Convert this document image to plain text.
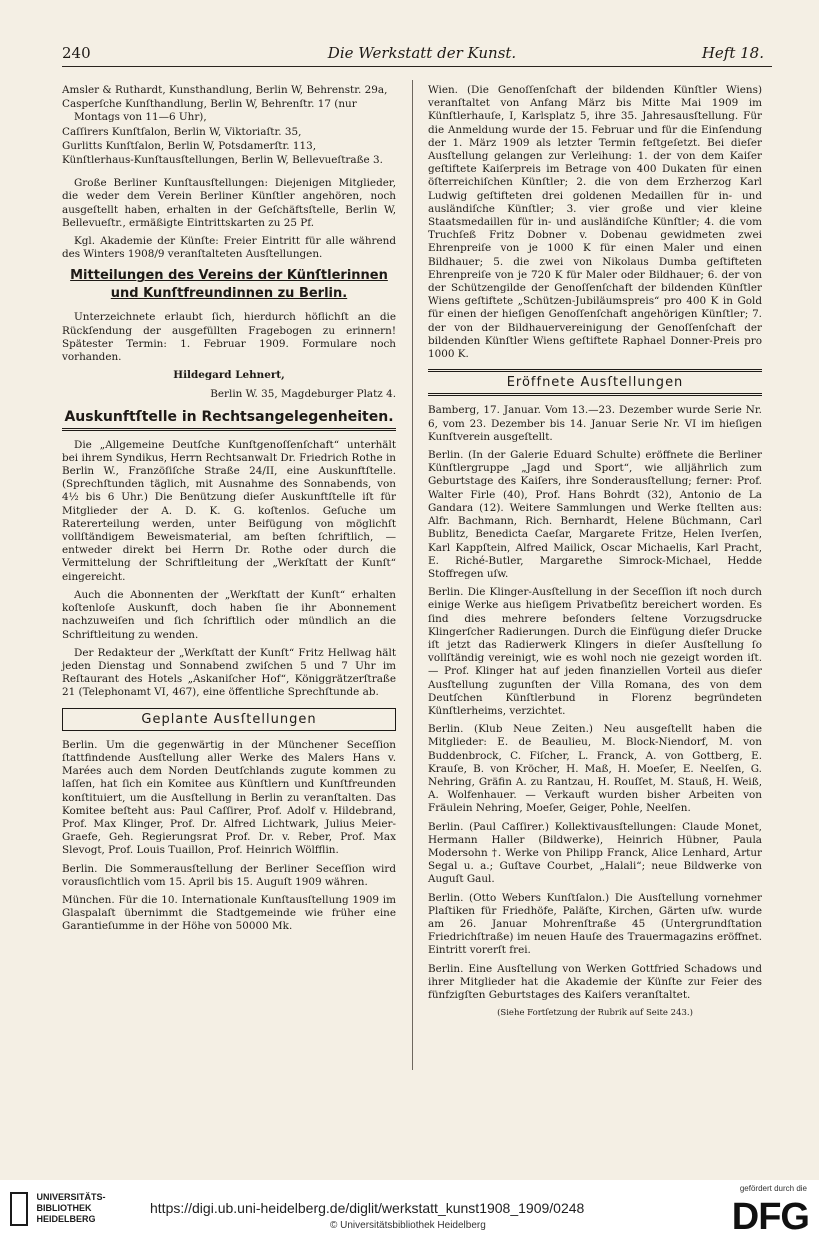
240	Die Werkstatt der Kunst.	Heft 18.
Amsler & Ruthardt, Kunsthandlung, Berlin W, Behrenstr. 29a,
Casperſche Kunſthandlung, Berlin W, Behrenſtr. 17 (nur Montags von 11—6 Uhr),
Caſſirers Kunſtſalon, Berlin W, Viktoriaſtr. 35,
Gurlitts Kunſtſalon, Berlin W, Potsdamerſtr. 113,
Künſtlerhaus-Kunſtausſtellungen, Berlin W, Bellevueſtraße 3.

Große Berliner Kunſtausſtellungen: Diejenigen Mitglieder, die weder dem Verein Berliner Künſtler angehören, noch ausgeſtellt haben, erhalten in der Geſchäftsſtelle, Berlin W, Bellevueſtr., ermäßigte Eintrittskarten zu 25 Pf.

Kgl. Akademie der Künſte: Freier Eintritt für alle während des Winters 1908/9 veranſtalteten Ausſtellungen.

Mitteilungen des Vereins der Künſtlerinnen und Kunſtfreundinnen zu Berlin.

Unterzeichnete erlaubt ſich, hierdurch höflichſt an die Rückſendung der ausgefüllten Fragebogen zu erinnern! Spätester Termin: 1. Februar 1909. Formulare noch vorhanden.

Hildegard Lehnert,
Berlin W. 35, Magdeburger Platz 4.
Auskunftſtelle in Rechtsangelegenheiten.

Die „Allgemeine Deutſche Kunſtgenoſſenſchaft“ unterhält bei ihrem Syndikus, Herrn Rechtsanwalt Dr. Friedrich Rothe in Berlin W., Franzöſiſche Straße 24/II, eine Auskunftſtelle. (Sprechſtunden täglich, mit Ausnahme des Sonnabends, von 4½ bis 6 Uhr.) Die Benützung dieſer Auskunftſtelle iſt für Mitglieder der A. D. K. G. koſtenlos. Geſuche um Ratererteilung werden, unter Beifügung von möglichſt vollſtändigem Beweismaterial, am beſten ſchriftlich, — entweder direkt bei Herrn Dr. Rothe oder durch die Vermittelung der Schriftleitung der „Werkſtatt der Kunſt“ eingereicht.

Auch die Abonnenten der „Werkſtatt der Kunſt“ erhalten koſtenloſe Auskunft, doch haben ſie ihr Abonnement nachzuweiſen und ſich ſchriftlich oder mündlich an die Schriftleitung zu wenden.

Der Redakteur der „Werkſtatt der Kunſt“ Fritz Hellwag hält jeden Dienstag und Sonnabend zwiſchen 5 und 7 Uhr im Reſtaurant des Hotels „Askaniſcher Hof“, Königgrätzerſtraße 21 (Telephonamt VI, 467), eine öffentliche Sprechſtunde ab.

Geplante Ausſtellungen

Berlin. Um die gegenwärtig in der Münchener Seceſſion ſtattfindende Ausſtellung aller Werke des Malers Hans v. Marées auch dem Norden Deutſchlands zugute kommen zu laſſen, hat ſich ein Komitee aus Künſtlern und Kunſtfreunden konſtituiert, um die Ausſtellung in Berlin zu veranſtalten. Das Komitee beſteht aus: Paul Caſſirer, Prof. Adolf v. Hildebrand, Prof. Max Klinger, Prof. Dr. Alfred Lichtwark, Julius Meier-Graefe, Geh. Regierungsrat Prof. Dr. v. Reber, Prof. Max Slevogt, Prof. Louis Tuaillon, Prof. Heinrich Wölfflin.

Berlin. Die Sommerausſtellung der Berliner Seceſſion wird vorausſichtlich vom 15. April bis 15. Auguſt 1909 währen.

München. Für die 10. Internationale Kunſtausſtellung 1909 im Glaspalaſt übernimmt die Stadtgemeinde wie früher eine Garantieſumme in der Höhe von 50000 Mk.

Wien. (Die Genoſſenſchaft der bildenden Künſtler Wiens) veranſtaltet von Anfang März bis Mitte Mai 1909 im Künſtlerhauſe, I, Karlsplatz 5, ihre 35. Jahresausſtellung. Für die Anmeldung wurde der 15. Februar und für die Einſendung der 1. März 1909 als letzter Termin feſtgeſetzt. Bei dieſer Ausſtellung gelangen zur Verleihung: 1. der von dem Kaiſer geſtiftete Kaiſerpreis im Betrage von 400 Dukaten für einen öſterreichiſchen Künſtler; 2. die von dem Erzherzog Karl Ludwig geſtifteten drei goldenen Medaillen für in- und ausländiſche Künſtler; 3. vier große und vier kleine Staatsmedaillen für in- und ausländiſche Künſtler; 4. die vom Truchſeß Fritz Dobner v. Dobenau gewidmeten zwei Ehrenpreiſe von je 1000 K für einen Maler und einen Bildhauer; 5. die zwei von Nikolaus Dumba geſtifteten Ehrenpreiſe von je 720 K für Maler oder Bildhauer; 6. der von der Schützengilde der Genoſſenſchaft der bildenden Künſtler Wiens geſtiftete „Schützen-Jubiläumspreis“ pro 400 K in Gold für einen der hieſigen Genoſſenſchaft angehörigen Künſtler; 7. der von der Bildhauervereinigung der Genoſſenſchaft der bildenden Künſtler Wiens geſtiftete Raphael Donner-Preis pro 1000 K.

Eröffnete Ausſtellungen

Bamberg, 17. Januar. Vom 13.—23. Dezember wurde Serie Nr. 6, vom 23. Dezember bis 14. Januar Serie Nr. VI im hieſigen Kunſtverein ausgeſtellt.

Berlin. (In der Galerie Eduard Schulte) eröffnete die Berliner Künſtlergruppe „Jagd und Sport“, wie alljährlich zum Geburtstage des Kaiſers, ihre Sonderausſtellung; ferner: Prof. Walter Firle (40), Prof. Hans Bohrdt (32), Antonio de La Gandara (12). Weitere Sammlungen und Werke ſtellten aus: Alfr. Bachmann, Rich. Bernhardt, Helene Büchmann, Carl Bublitz, Benedicta Caeſar, Margarete Fritze, Helen Iverſen, Karl Kappſtein, Alfred Mailick, Oscar Michaelis, Karl Pracht, E. Riché-Butler, Margarethe Simrock-Michael, Hedde Stoffregen uſw.

Berlin. Die Klinger-Ausſtellung in der Seceſſion iſt noch durch einige Werke aus hieſigem Privatbeſitz bereichert worden. Es ſind dies mehrere beſonders ſeltene Vorzugsdrucke Klingerſcher Radierungen. Durch die Einfügung dieſer Drucke iſt jetzt das Radierwerk Klingers in dieſer Ausſtellung ſo vollſtändig vereinigt, wie es wohl noch nie gezeigt worden iſt. — Prof. Klinger hat auf jeden finanziellen Vorteil aus dieſer Ausſtellung zugunſten der Villa Romana, des von dem Deutſchen Künſtlerbund in Florenz begründeten Künſtlerheims, verzichtet.

Berlin. (Klub Neue Zeiten.) Neu ausgeſtellt haben die Mitglieder: E. de Beaulieu, M. Block-Niendorf, M. von Buddenbrock, C. Fiſcher, L. Franck, A. von Gottberg, E. Krauſe, B. von Kröcher, H. Maß, H. Moeſer, E. Neelſen, G. Nehring, Gräfin A. zu Rantzau, H. Rouſſet, M. Stauß, H. Weiß, A. Wolfenhauer. — Verkauft wurden bisher Arbeiten von Fräulein Nehring, Moeſer, Geiger, Pohle, Neelſen.

Berlin. (Paul Caſſirer.) Kollektivausſtellungen: Claude Monet, Hermann Haller (Bildwerke), Heinrich Hübner, Paula Modersohn †. Werke von Philipp Franck, Alice Lenhard, Artur Segal u. a.; Guſtave Courbet, „Halali“; neue Bildwerke von Auguſt Gaul.

Berlin. (Otto Webers Kunſtſalon.) Die Ausſtellung vornehmer Plaſtiken für Friedhöfe, Paläſte, Kirchen, Gärten uſw. wurde am 26. Januar Mohrenſtraße 45 (Untergrundſtation Friedrichſtraße) im neuen Hauſe des Trauermagazins eröffnet. Eintritt vorerſt frei.

Berlin. Eine Ausſtellung von Werken Gottfried Schadows und ihrer Mitglieder hat die Akademie der Künſte zur Feier des fünfzigſten Geburtstages des Kaiſers veranſtaltet.

(Siehe Fortſetzung der Rubrik auf Seite 243.)
UNIVERSITÄTS-
BIBLIOTHEK
HEIDELBERG
https://digi.ub.uni-heidelberg.de/diglit/werkstatt_kunst1908_1909/0248
© Universitätsbibliothek Heidelberg
gefördert durch die
DFG
